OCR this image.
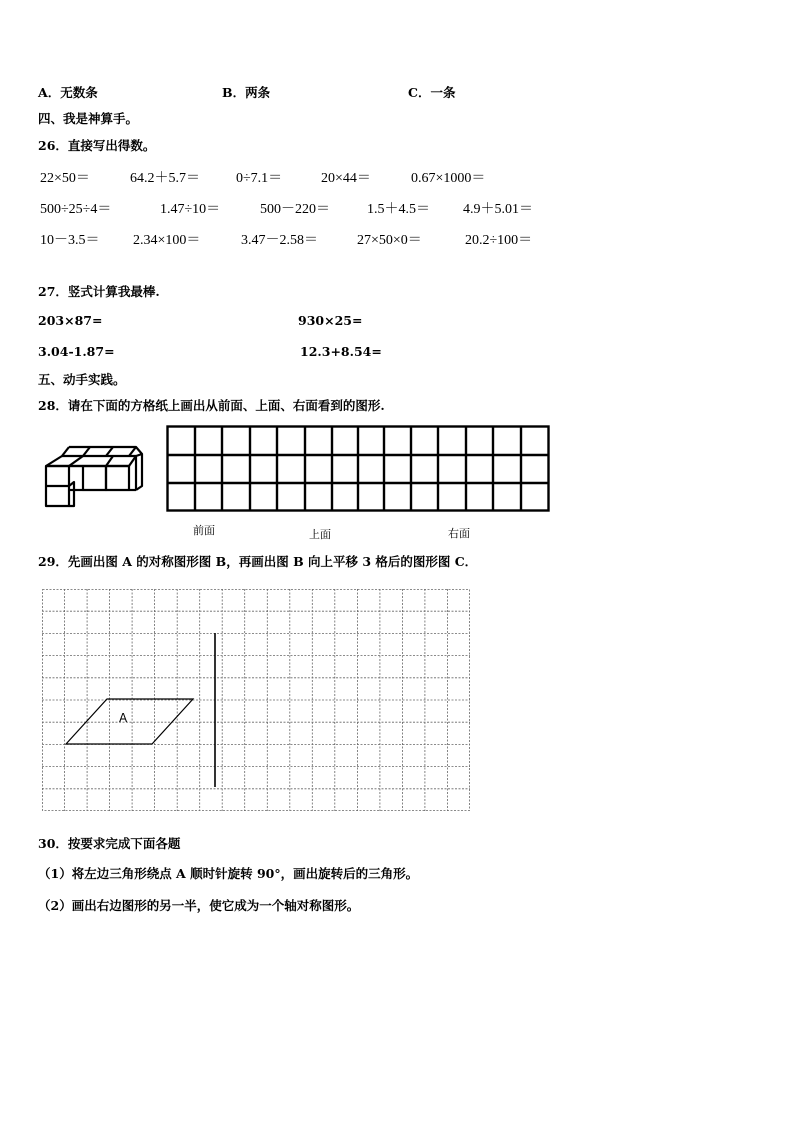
A．无数条	B．两条	C．一条
四、我是神算手。
26．直接写出得数。
22×50＝	64.2＋5.7＝	0÷7.1＝	20×44＝	0.67×1000＝
500÷25÷4＝	1.47÷10＝	500－220＝	1.5＋4.5＝ 4.9＋5.01＝
10－3.5＝ 2.34×100＝	3.47－2.58＝	27×50×0＝	20.2÷100＝
27．竖式计算我最棒.
203×87=	930×25=
3.04-1.87=	12.3+8.54=
五、动手实践。
28．请在下面的方格纸上画出从前面、上面、右面看到的图形.
前面	上面	右面
29．先画出图 A 的对称图形图 B，再画出图 B 向上平移 3 格后的图形图 C．
A
30．按要求完成下面各题
（1）将左边三角形绕点 A 顺时针旋转 90°，画出旋转后的三角形。
（2）画出右边图形的另一半，使它成为一个轴对称图形。
